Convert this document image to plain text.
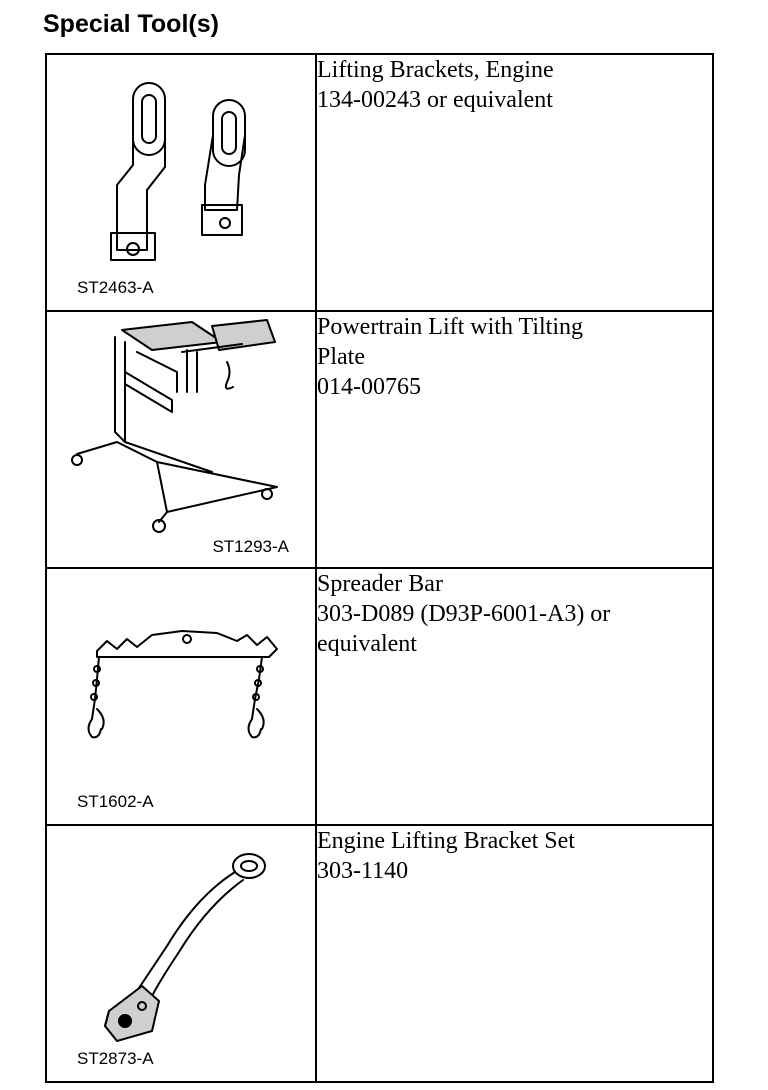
Special Tool(s)
ST2463-A	Lifting Brackets, Engine
134-00243 or equivalent

ST1293-A	Powertrain Lift with Tilting
Plate
014-00765

ST1602-A	Spreader Bar
303-D089 (D93P-6001-A3) or
equivalent

ST2873-A	Engine Lifting Bracket Set
303-1140
